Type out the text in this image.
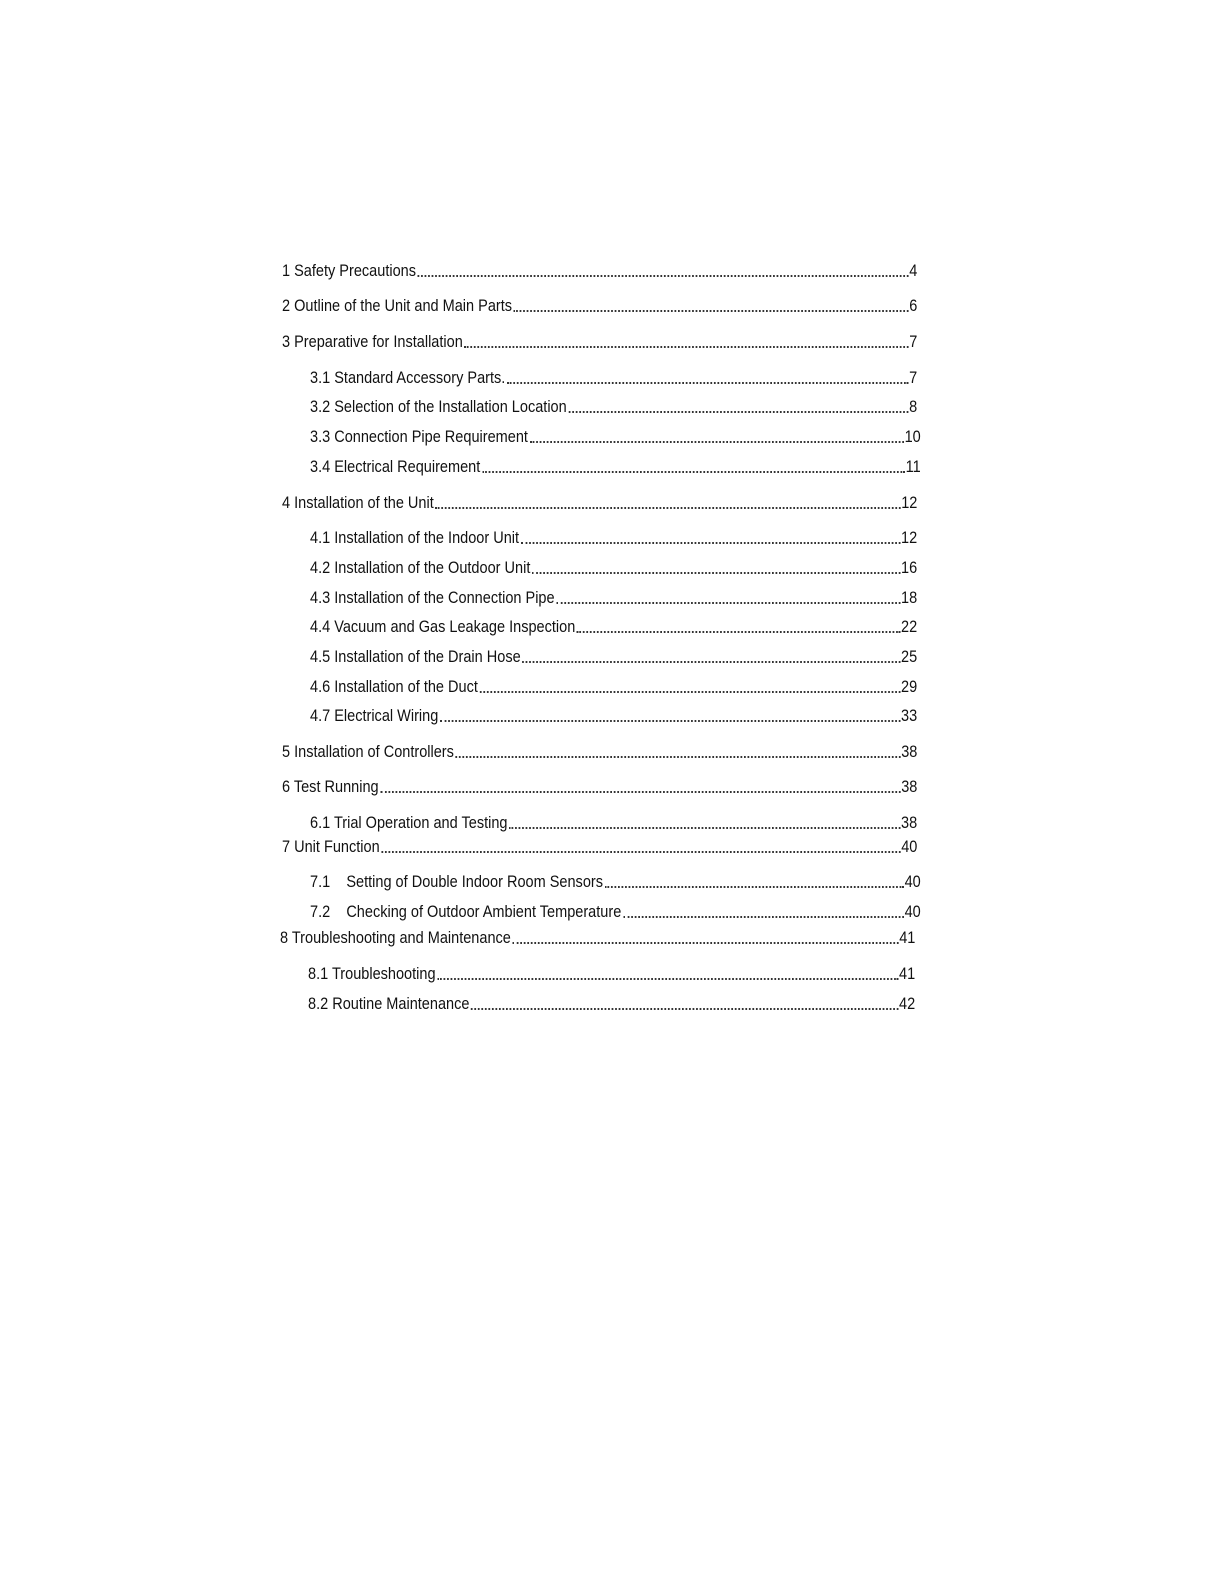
1 Safety Precautions	4
2 Outline of the Unit and Main Parts	6
3 Preparative for Installation	7
3.1 Standard Accessory Parts.	7
3.2 Selection of the Installation Location	8
3.3 Connection Pipe Requirement	10
3.4 Electrical Requirement	11
4 Installation of the Unit	12
4.1 Installation of the Indoor Unit	12
4.2 Installation of the Outdoor Unit	16
4.3 Installation of the Connection Pipe	18
4.4 Vacuum and Gas Leakage Inspection	22
4.5 Installation of the Drain Hose	25
4.6 Installation of the Duct	29
4.7 Electrical Wiring	33
5 Installation of Controllers	38
6 Test Running	38
6.1 Trial Operation and Testing	38
7 Unit Function	40
7.1    Setting of Double Indoor Room Sensors	40
7.2    Checking of Outdoor Ambient Temperature	40
8 Troubleshooting and Maintenance	41
8.1 Troubleshooting	41
8.2 Routine Maintenance	42
